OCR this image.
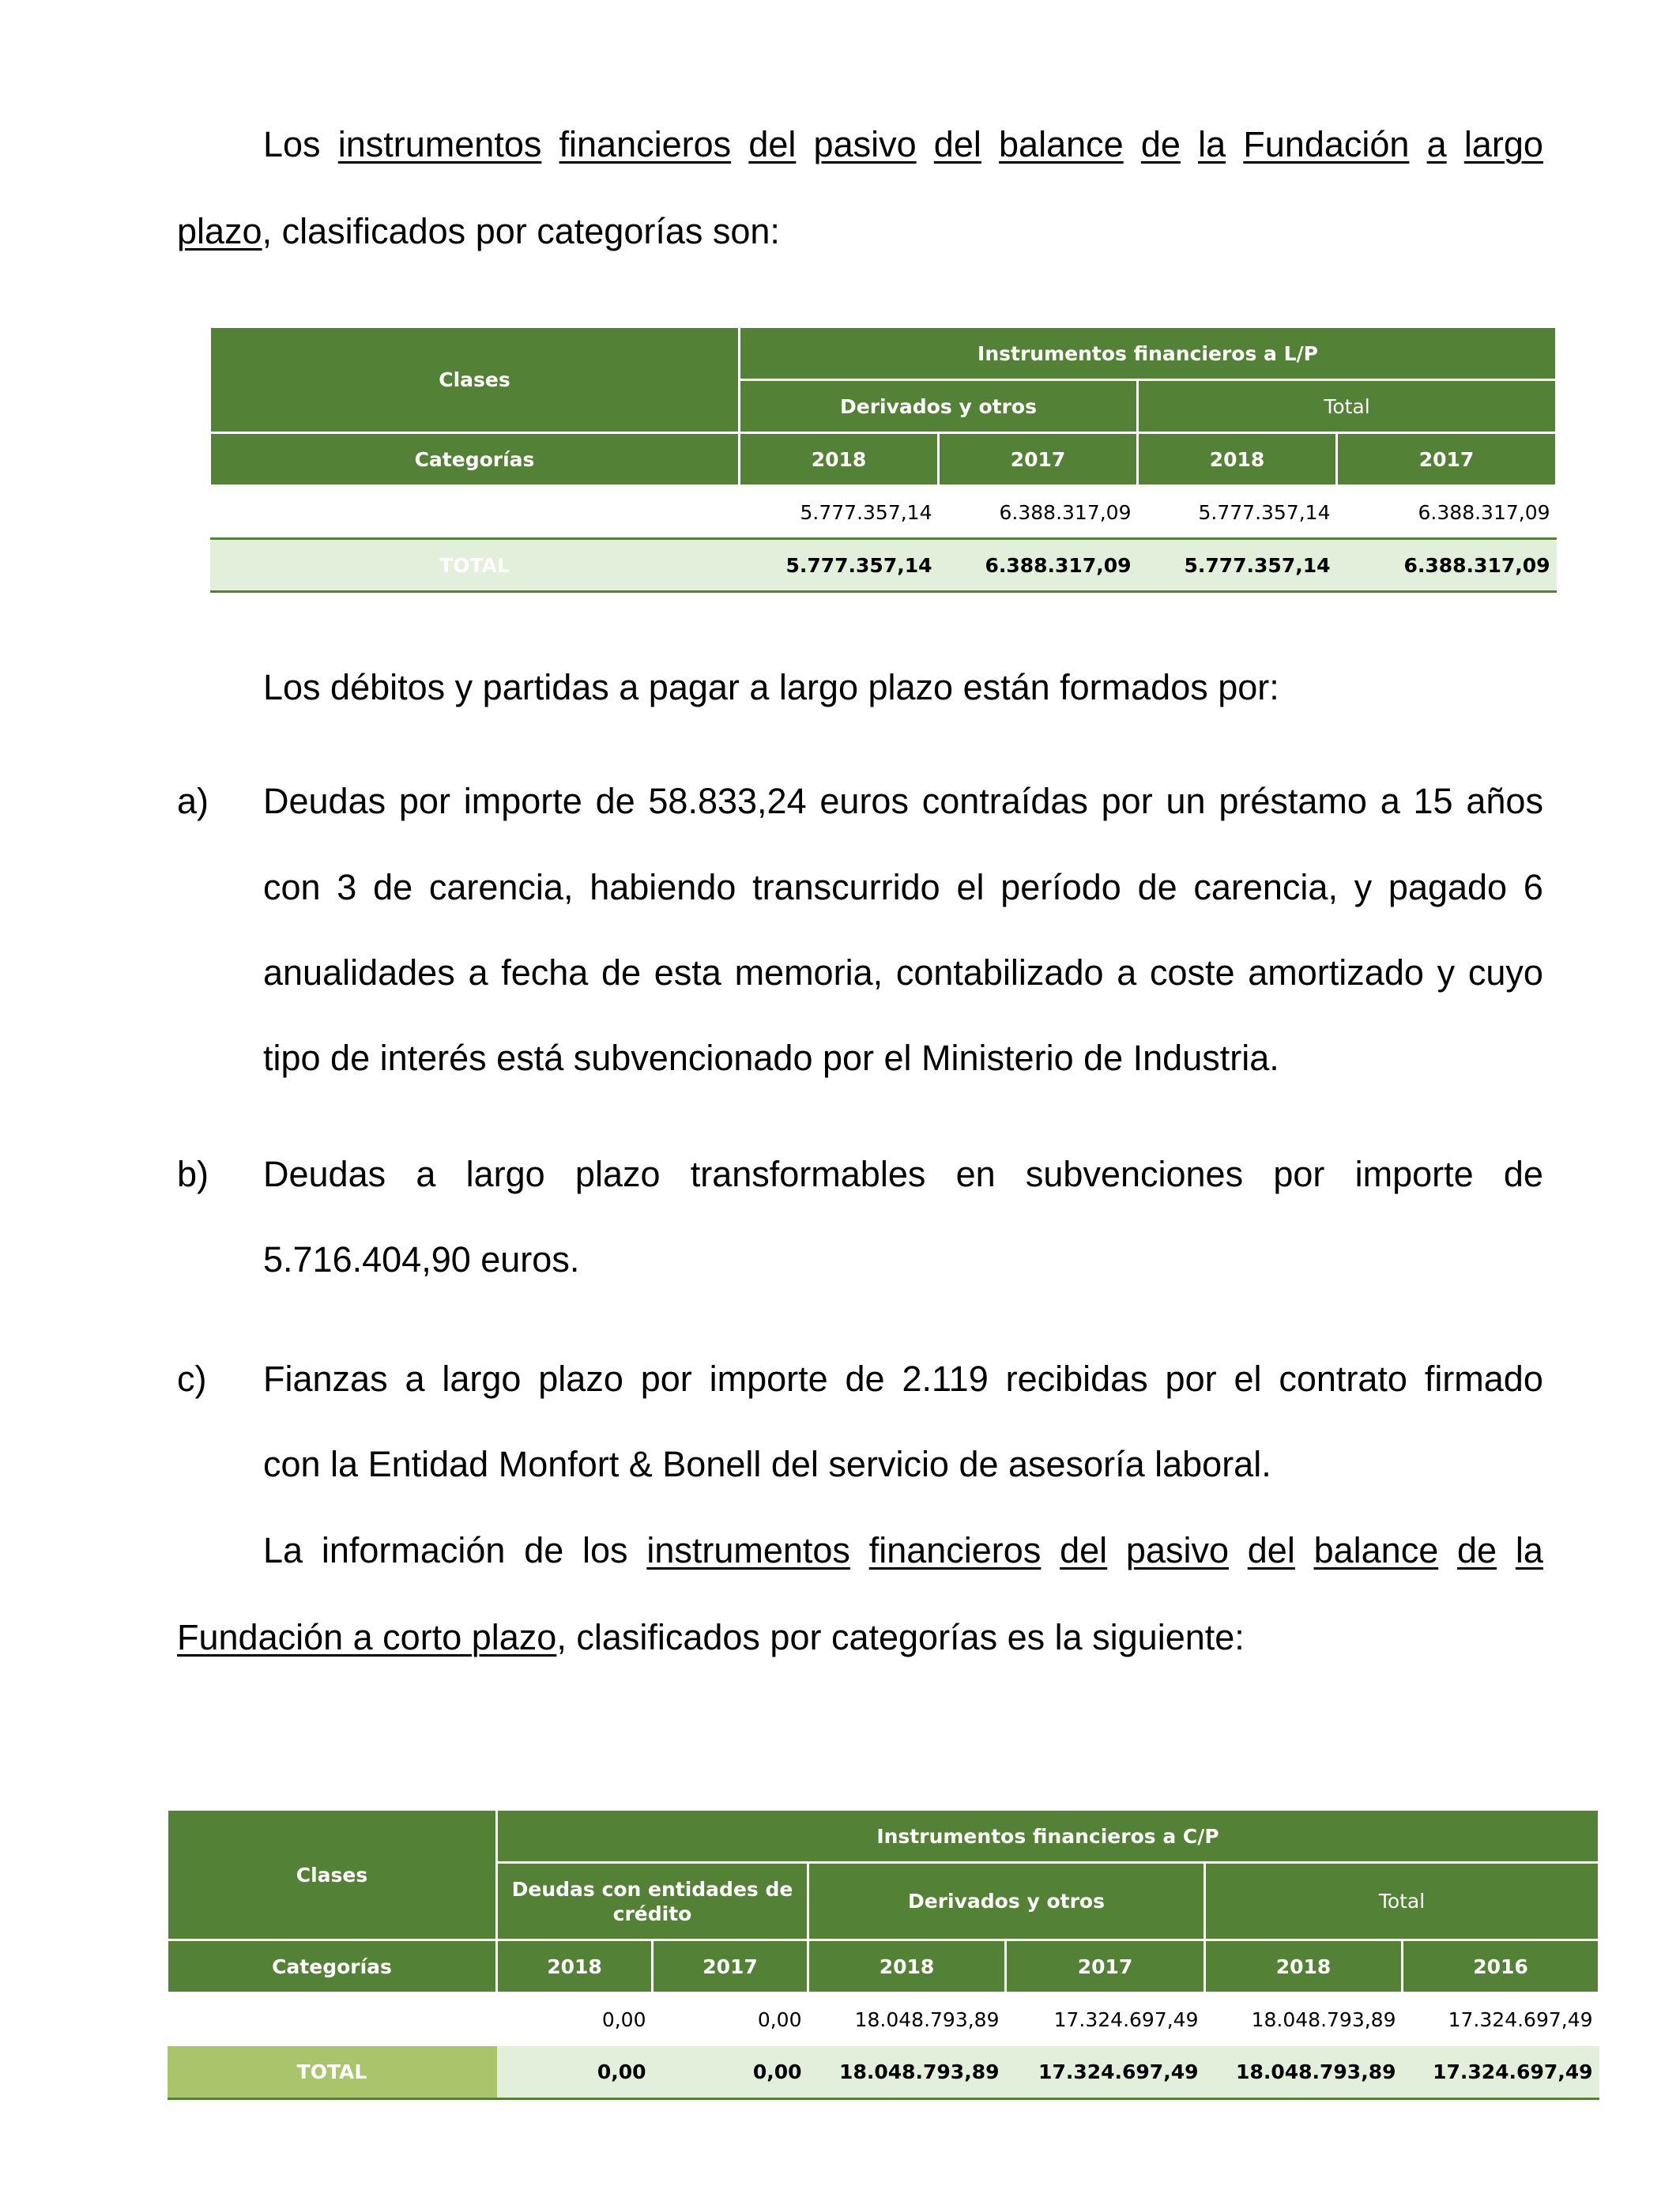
Los instrumentos financieros del pasivo del balance de la Fundación a largo
plazo, clasificados por categorías son:
Clases	Instrumentos financieros a L/P			
	Derivados y otros		Total	
Categorías	2018	2017	2018	2017
	5.777.357,14	6.388.317,09	5.777.357,14	6.388.317,09
TOTAL	5.777.357,14	6.388.317,09	5.777.357,14	6.388.317,09
Los débitos y partidas a pagar a largo plazo están formados por:
a) Deudas por importe de 58.833,24 euros contraídas por un préstamo a 15 años
con 3 de carencia, habiendo transcurrido el período de carencia, y pagado 6
anualidades a fecha de esta memoria, contabilizado a coste amortizado y cuyo
tipo de interés está subvencionado por el Ministerio de Industria.
b) Deudas a largo plazo transformables en subvenciones por importe de
5.716.404,90 euros.
c) Fianzas a largo plazo por importe de 2.119 recibidas por el contrato firmado
con la Entidad Monfort & Bonell del servicio de asesoría laboral.
La información de los instrumentos financieros del pasivo del balance de la
Fundación a corto plazo, clasificados por categorías es la siguiente:
Clases	Instrumentos financieros a C/P					
	Deudas con entidades de crédito		Derivados y otros		Total	
Categorías	2018	2017	2018	2017	2018	2016
	0,00	0,00	18.048.793,89	17.324.697,49	18.048.793,89	17.324.697,49
TOTAL	0,00	0,00	18.048.793,89	17.324.697,49	18.048.793,89	17.324.697,49
